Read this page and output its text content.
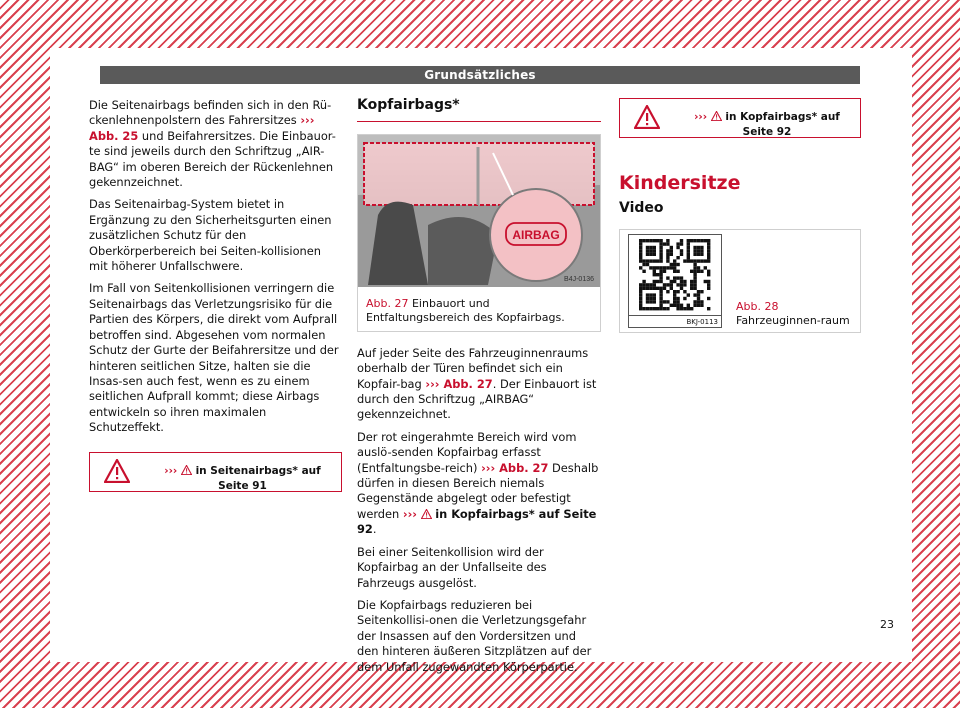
Grundsätzliches

Die Seitenairbags befinden sich in den Rü-ckenlehnenpolstern des Fahrersitzes ››› Abb. 25 und Beifahrersitzes. Die Einbauor-te sind jeweils durch den Schriftzug „AIR-BAG“ im oberen Bereich der Rückenlehnen gekennzeichnet.

Das Seitenairbag-System bietet in Ergänzung zu den Sicherheitsgurten einen zusätzlichen Schutz für den Oberkörperbereich bei Seiten-kollisionen mit höherer Unfallschwere.

Im Fall von Seitenkollisionen verringern die Seitenairbags das Verletzungsrisiko für die Partien des Körpers, die direkt vom Aufprall betroffen sind. Abgesehen vom normalen Schutz der Gurte der Beifahrersitze und der hinteren seitlichen Sitze, halten sie die Insas-sen auch fest, wenn es zu einem seitlichen Aufprall kommt; diese Airbags entwickeln so ihren maximalen Schutzeffekt.

››› in Seitenairbags* auf Seite 91
Kopfairbags*
AIRBAG
B4J-0136
Abb. 27 Einbauort und Entfaltungsbereich des Kopfairbags.

Auf jeder Seite des Fahrzeuginnenraums oberhalb der Türen befindet sich ein Kopfair-bag ››› Abb. 27. Der Einbauort ist durch den Schriftzug „AIRBAG“ gekennzeichnet.

Der rot eingerahmte Bereich wird vom auslö-senden Kopfairbag erfasst (Entfaltungsbe-reich) ››› Abb. 27 Deshalb dürfen in diesen Bereich niemals Gegenstände abgelegt oder befestigt werden ››› in Kopfairbags* auf Seite 92.

Bei einer Seitenkollision wird der Kopfairbag an der Unfallseite des Fahrzeugs ausgelöst.

Die Kopfairbags reduzieren bei Seitenkollisi-onen die Verletzungsgefahr der Insassen auf den Vordersitzen und den hinteren äußeren Sitzplätzen auf der dem Unfall zugewandten Körperpartie.

››› in Kopfairbags* auf Seite 92
Kindersitze
Video
BKJ-0113
Abb. 28 Fahrzeuginnen-raum
23
